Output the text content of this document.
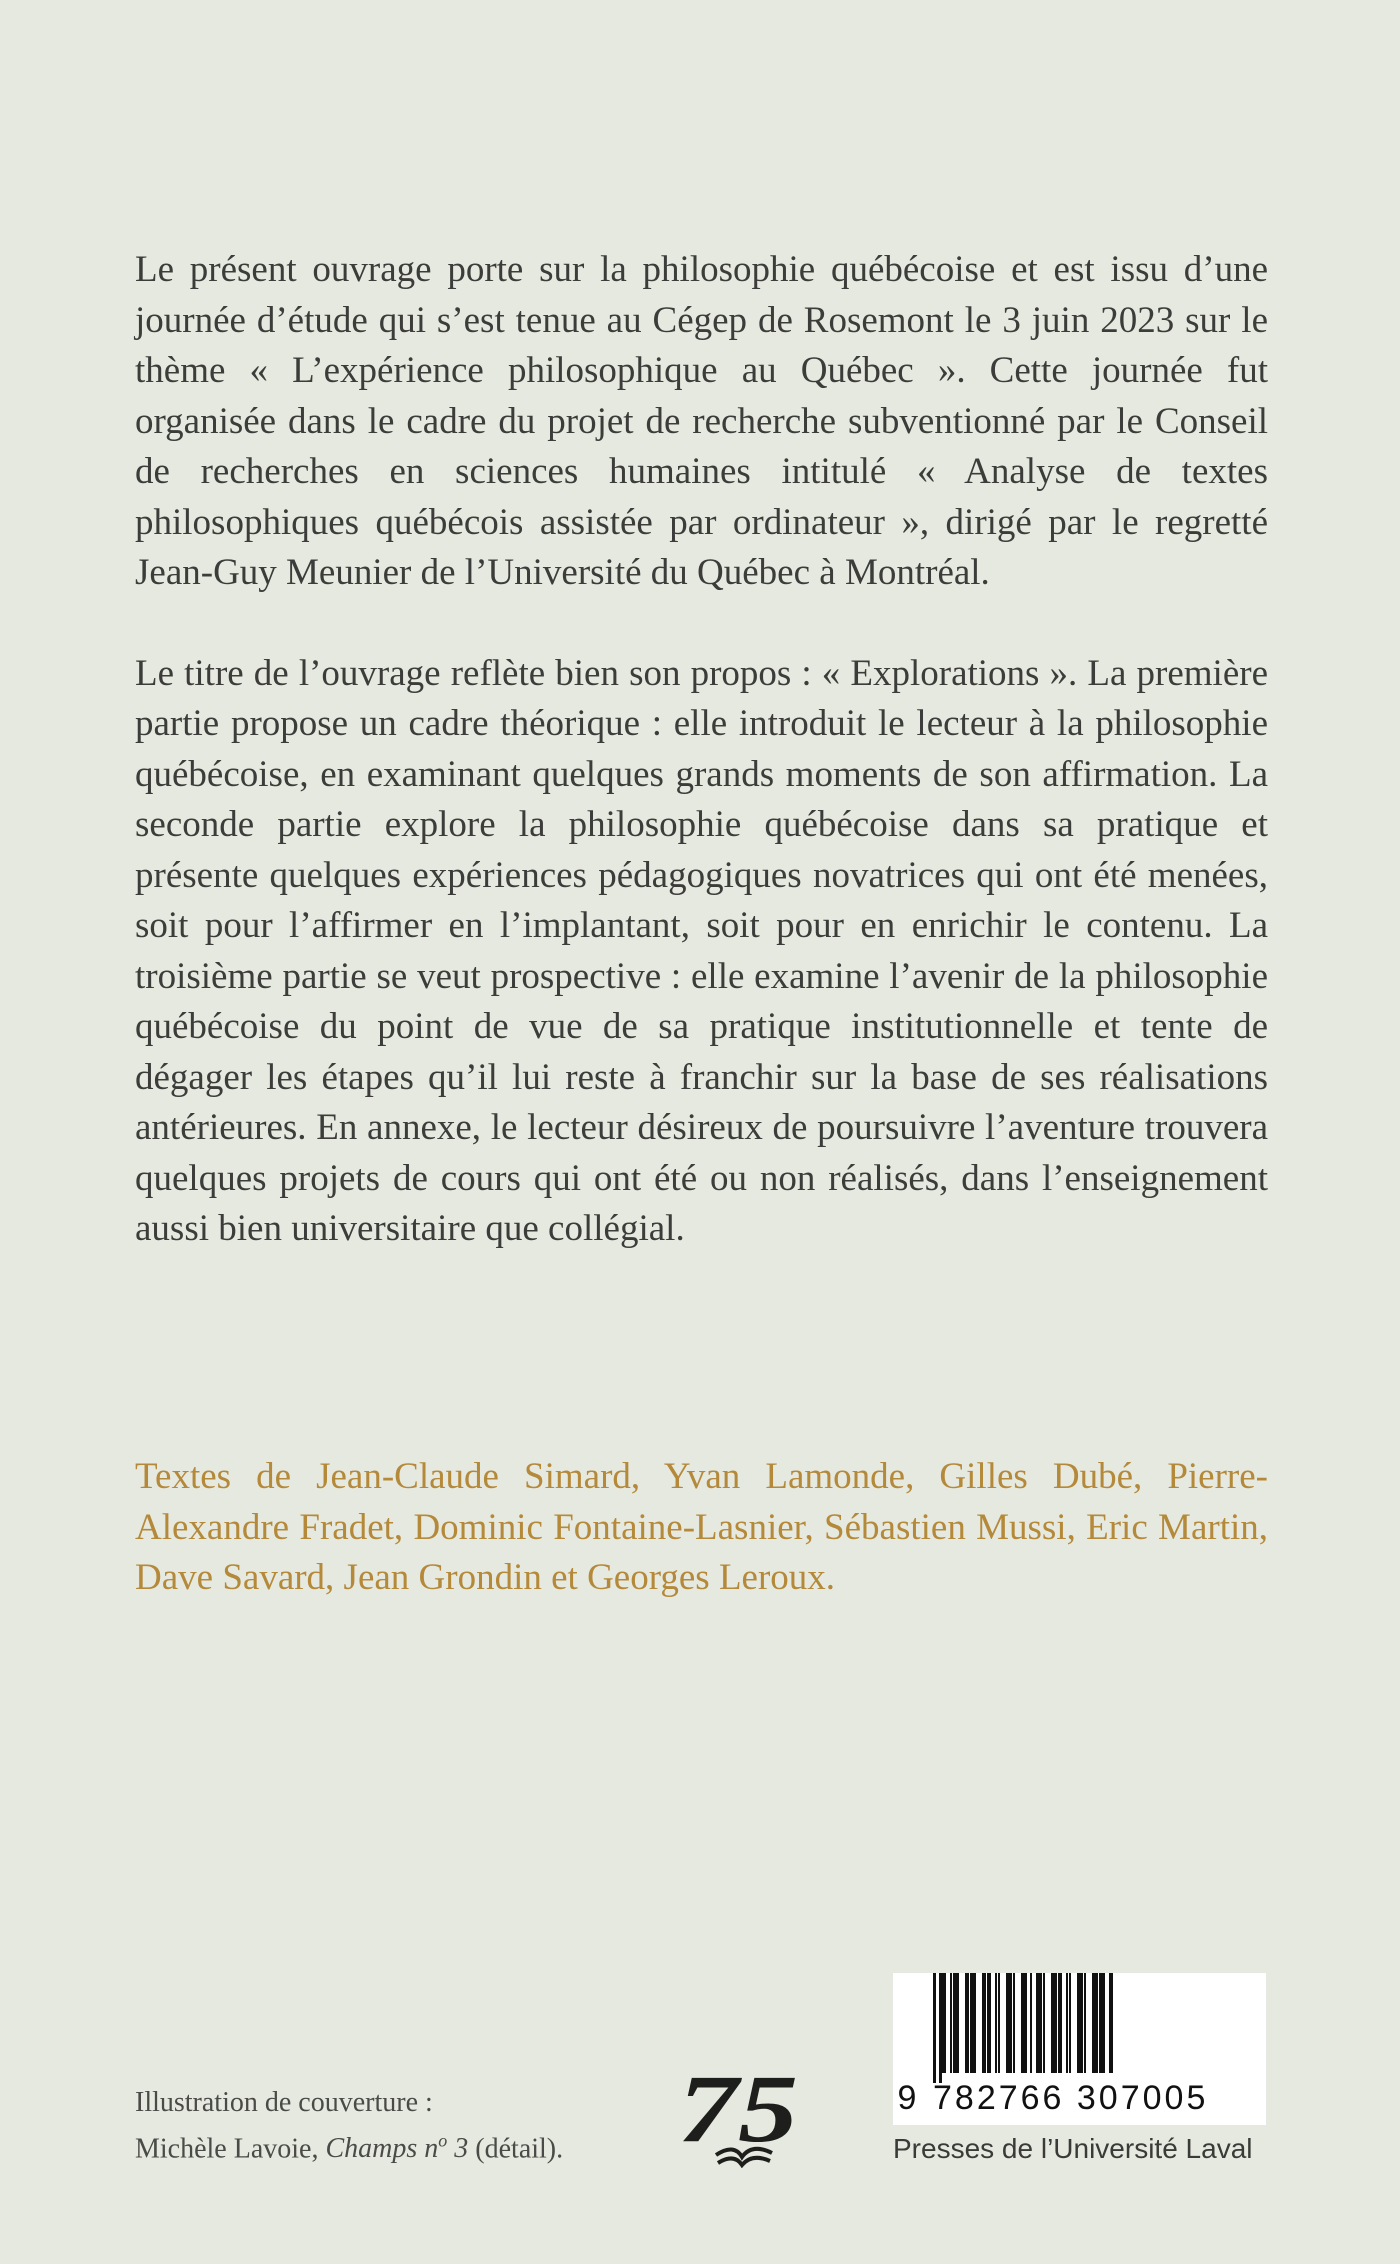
Le présent ouvrage porte sur la philosophie québécoise et est issu d’une journée d’étude qui s’est tenue au Cégep de Rosemont le 3 juin 2023 sur le thème « L’expérience philosophique au Québec ». Cette journée fut organisée dans le cadre du projet de recherche subventionné par le Conseil de recherches en sciences humaines intitulé « Analyse de textes philosophiques québécois assistée par ordinateur », dirigé par le regretté Jean-Guy Meunier de l’Université du Québec à Montréal.

Le titre de l’ouvrage reflète bien son propos : « Explorations ». La première partie propose un cadre théorique : elle introduit le lecteur à la philosophie québécoise, en examinant quelques grands moments de son affirmation. La seconde partie explore la philosophie québécoise dans sa pratique et présente quelques expériences pédagogiques novatrices qui ont été menées, soit pour l’affirmer en l’implantant, soit pour en enrichir le contenu. La troisième partie se veut prospective : elle examine l’avenir de la philosophie québécoise du point de vue de sa pratique institutionnelle et tente de dégager les étapes qu’il lui reste à franchir sur la base de ses réalisations antérieures. En annexe, le lecteur désireux de poursuivre l’aventure trouvera quelques projets de cours qui ont été ou non réalisés, dans l’enseignement aussi bien universitaire que collégial.

Textes de Jean-Claude Simard, Yvan Lamonde, Gilles Dubé, Pierre-Alexandre Fradet, Dominic Fontaine-Lasnier, Sébastien Mussi, Eric Martin, Dave Savard, Jean Grondin et Georges Leroux.

Illustration de couverture :
Michèle Lavoie, Champs $n^o$ 3 (détail). 75	9 782766 307005
Presses de l’Université Laval
